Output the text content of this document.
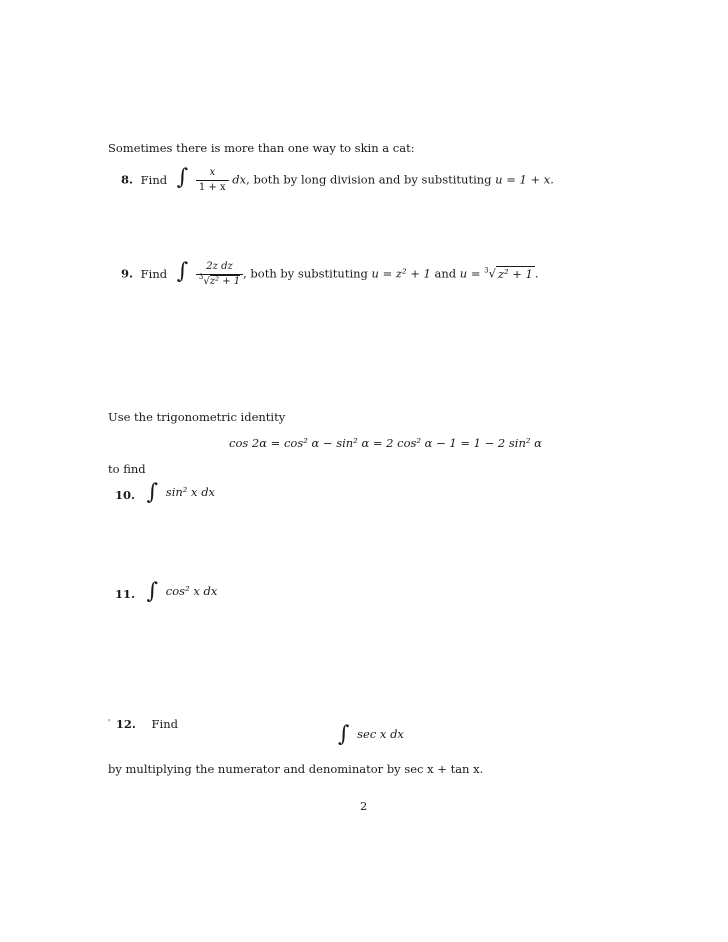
Sometimes there is more than one way to skin a cat:
8. Find ∫ $\frac{x}{1 + x}$ dx, both by long division and by substituting u = 1 + x.
9. Find ∫ $\frac{\text{2z dz}}{^3√z^2 + 1}$ , both by substituting u = z² + 1 and u = $^3$√ z² + 1 .
Use the trigonometric identity
cos 2α = cos² α − sin² α = 2 cos² α − 1 = 1 − 2 sin² α
to find
10. ∫ sin² x dx
11. ∫ cos² x dx
' 12. Find	∫ sec x dx
by multiplying the numerator and denominator by sec x + tan x.
2
